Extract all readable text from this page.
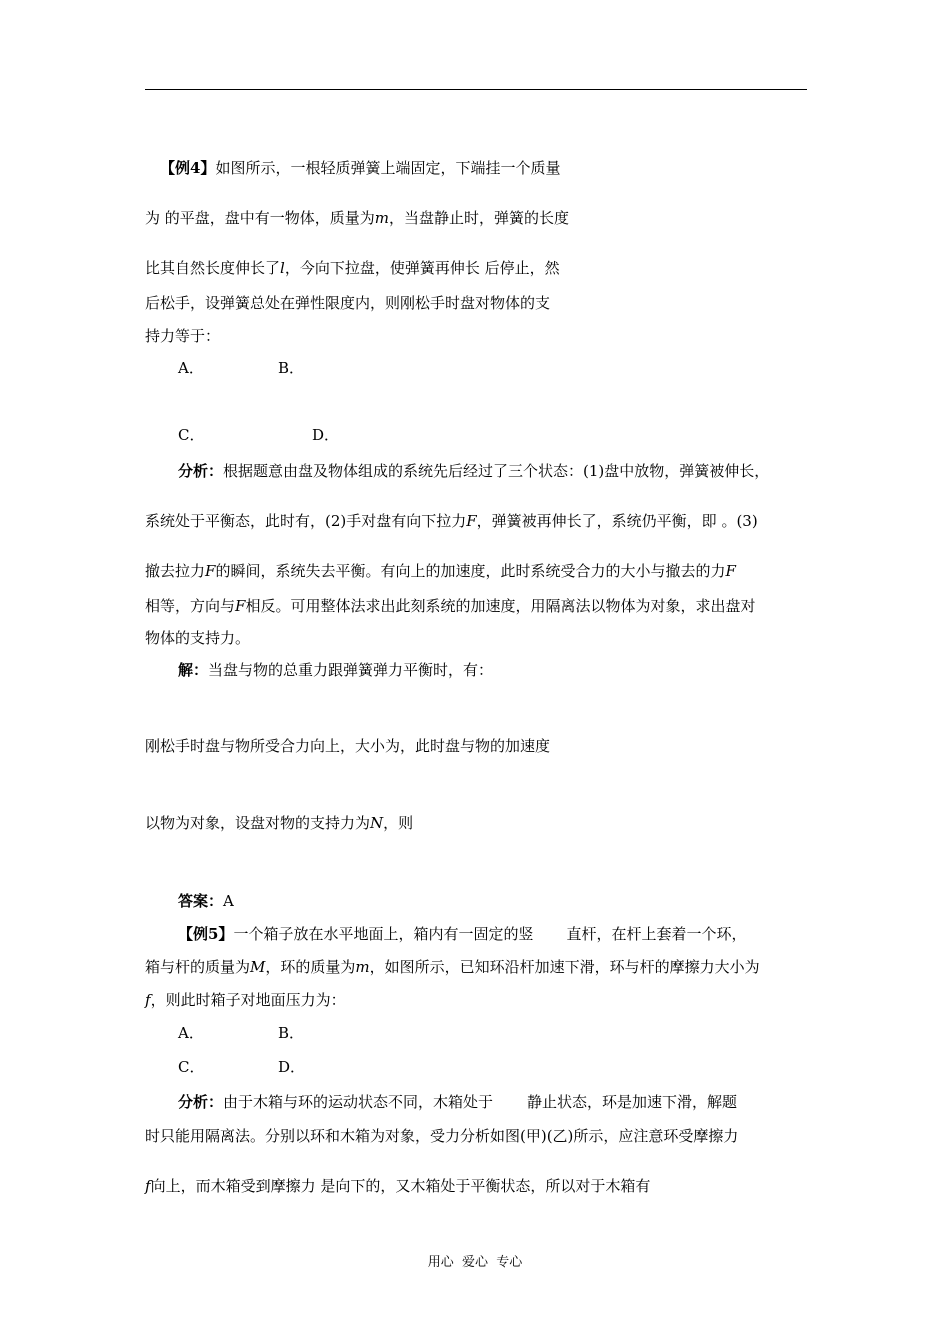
【例4】如图所示，一根轻质弹簧上端固定，下端挂一个质量
为 的平盘，盘中有一物体，质量为m，当盘静止时，弹簧的长度
比其自然长度伸长了l，今向下拉盘，使弹簧再伸长 后停止，然
后松手，设弹簧总处在弹性限度内，则刚松手时盘对物体的支
持力等于：
A．	B．
C．	D．
分析：根据题意由盘及物体组成的系统先后经过了三个状态：(1)盘中放物，弹簧被伸长，
系统处于平衡态，此时有，(2)手对盘有向下拉力F，弹簧被再伸长了，系统仍平衡，即 。(3)
撤去拉力F的瞬间，系统失去平衡。有向上的加速度，此时系统受合力的大小与撤去的力F
相等，方向与F相反。可用整体法求出此刻系统的加速度，用隔离法以物体为对象，求出盘对
物体的支持力。
解：当盘与物的总重力跟弹簧弹力平衡时，有：
刚松手时盘与物所受合力向上，大小为，此时盘与物的加速度
以物为对象，设盘对物的支持力为N，则
答案：A
【例5】一个箱子放在水平地面上，箱内有一固定的竖 直杆，在杆上套着一个环，
箱与杆的质量为M，环的质量为m，如图所示，已知环沿杆加速下滑，环与杆的摩擦力大小为
f，则此时箱子对地面压力为：
A．	B．
C．	D．
分析：由于木箱与环的运动状态不同，木箱处于 静止状态，环是加速下滑，解题
时只能用隔离法。分别以环和木箱为对象，受力分析如图(甲)(乙)所示，应注意环受摩擦力
f向上，而木箱受到摩擦力 是向下的，又木箱处于平衡状态，所以对于木箱有
用心  爱心  专心
